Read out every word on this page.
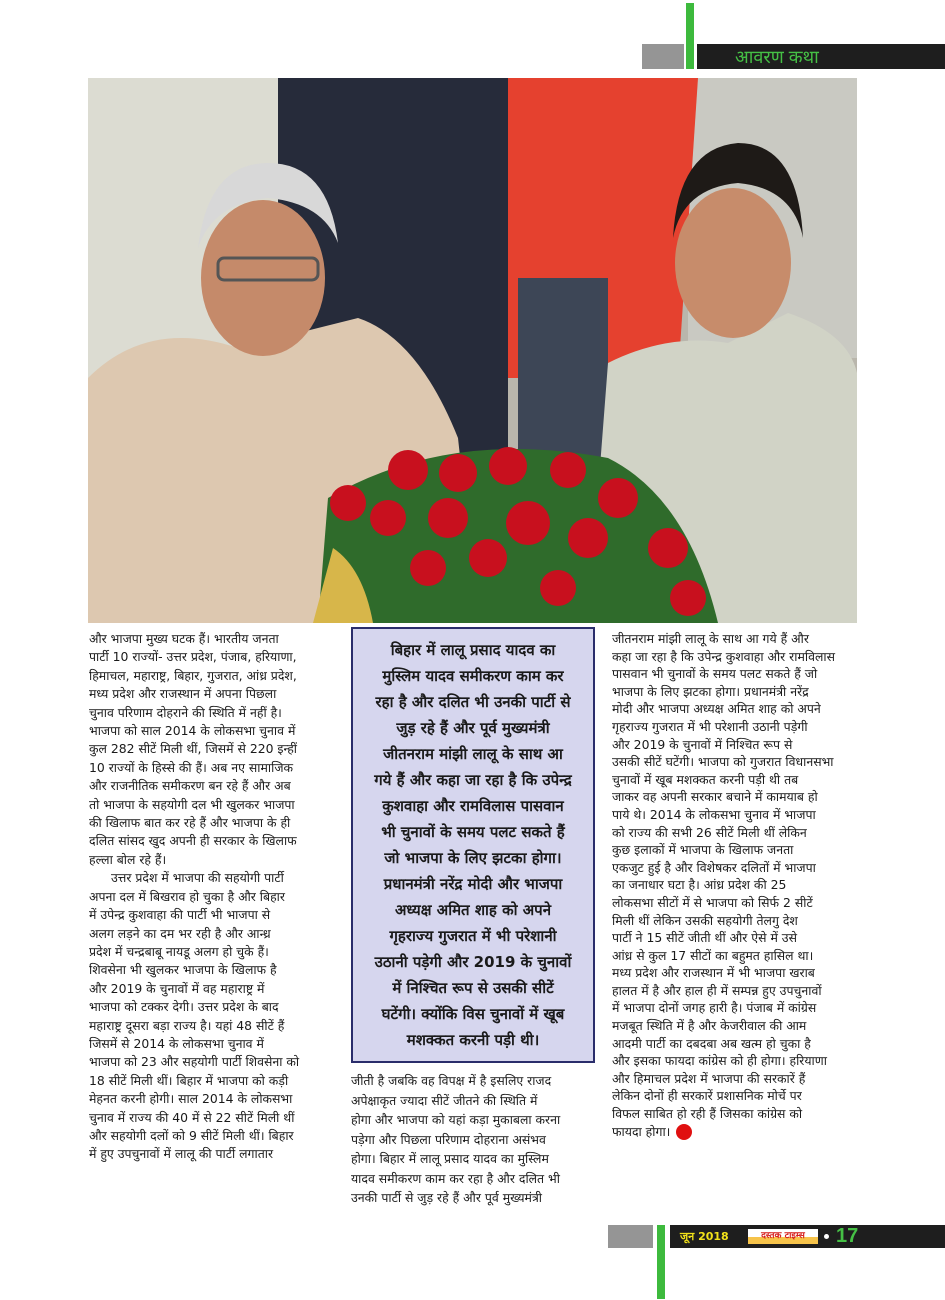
आवरण कथा
और भाजपा मुख्य घटक हैं। भारतीय जनता
पार्टी 10 राज्यों- उत्तर प्रदेश, पंजाब, हरियाणा,
हिमाचल, महाराष्ट्र, बिहार, गुजरात, आंध्र प्रदेश,
मध्य प्रदेश और राजस्थान में अपना पिछला
चुनाव परिणाम दोहराने की स्थिति में नहीं है।
भाजपा को साल 2014 के लोकसभा चुनाव में
कुल 282 सीटें मिली थीं, जिसमें से 220 इन्हीं
10 राज्यों के हिस्से की हैं। अब नए सामाजिक
और राजनीतिक समीकरण बन रहे हैं और अब
तो भाजपा के सहयोगी दल भी खुलकर भाजपा
की खिलाफ बात कर रहे हैं और भाजपा के ही
दलित सांसद खुद अपनी ही सरकार के खिलाफ
हल्ला बोल रहे हैं।
उत्तर प्रदेश में भाजपा की सहयोगी पार्टी
अपना दल में बिखराव हो चुका है और बिहार
में उपेन्द्र कुशवाहा की पार्टी भी भाजपा से
अलग लड़ने का दम भर रही है और आन्ध्र
प्रदेश में चन्द्रबाबू नायडू अलग हो चुके हैं।
शिवसेना भी खुलकर भाजपा के खिलाफ है
और 2019 के चुनावों में वह महाराष्ट्र में
भाजपा को टक्कर देगी। उत्तर प्रदेश के बाद
महाराष्ट्र दूसरा बड़ा राज्य है। यहां 48 सीटें हैं
जिसमें से 2014 के लोकसभा चुनाव में
भाजपा को 23 और सहयोगी पार्टी शिवसेना को
18 सीटें मिली थीं। बिहार में भाजपा को कड़ी
मेहनत करनी होगी। साल 2014 के लोकसभा
चुनाव में राज्य की 40 में से 22 सीटें मिली थीं
और सहयोगी दलों को 9 सीटें मिली थीं। बिहार
में हुए उपचुनावों में लालू की पार्टी लगातार
बिहार में लालू प्रसाद यादव का
मुस्लिम यादव समीकरण काम कर
रहा है और दलित भी उनकी पार्टी से
जुड़ रहे हैं और पूर्व मुख्यमंत्री
जीतनराम मांझी लालू के साथ आ
गये हैं और कहा जा रहा है कि उपेन्द्र
कुशवाहा और रामविलास पासवान
भी चुनावों के समय पलट सकते हैं
जो भाजपा के लिए झटका होगा।
प्रधानमंत्री नरेंद्र मोदी और भाजपा
अध्यक्ष अमित शाह को अपने
गृहराज्य गुजरात में भी परेशानी
उठानी पड़ेगी और 2019 के चुनावों
में निश्चित रूप से उसकी सीटें
घटेंगी। क्योंकि विस चुनावों में खूब
मशक्कत करनी पड़ी थी।
जीती है जबकि वह विपक्ष में है इसलिए राजद
अपेक्षाकृत ज्यादा सीटें जीतने की स्थिति में
होगा और भाजपा को यहां कड़ा मुकाबला करना
पड़ेगा और पिछला परिणाम दोहराना असंभव
होगा। बिहार में लालू प्रसाद यादव का मुस्लिम
यादव समीकरण काम कर रहा है और दलित भी
उनकी पार्टी से जुड़ रहे हैं और पूर्व मुख्यमंत्री
जीतनराम मांझी लालू के साथ आ गये हैं और
कहा जा रहा है कि उपेन्द्र कुशवाहा और रामविलास
पासवान भी चुनावों के समय पलट सकते हैं जो
भाजपा के लिए झटका होगा। प्रधानमंत्री नरेंद्र
मोदी और भाजपा अध्यक्ष अमित शाह को अपने
गृहराज्य गुजरात में भी परेशानी उठानी पड़ेगी
और 2019 के चुनावों में निश्चित रूप से
उसकी सीटें घटेंगी। भाजपा को गुजरात विधानसभा
चुनावों में खूब मशक्कत करनी पड़ी थी तब
जाकर वह अपनी सरकार बचाने में कामयाब हो
पाये थे। 2014 के लोकसभा चुनाव में भाजपा
को राज्य की सभी 26 सीटें मिली थीं लेकिन
कुछ इलाकों में भाजपा के खिलाफ जनता
एकजुट हुई है और विशेषकर दलितों में भाजपा
का जनाधार घटा है। आंध्र प्रदेश की 25
लोकसभा सीटों में से भाजपा को सिर्फ 2 सीटें
मिली थीं लेकिन उसकी सहयोगी तेलगु देश
पार्टी ने 15 सीटें जीती थीं और ऐसे में उसे
आंध्र से कुल 17 सीटों का बहुमत हासिल था।
मध्य प्रदेश और राजस्थान में भी भाजपा खराब
हालत में है और हाल ही में सम्पन्न हुए उपचुनावों
में भाजपा दोनों जगह हारी है। पंजाब में कांग्रेस
मजबूत स्थिति में है और केजरीवाल की आम
आदमी पार्टी का दबदबा अब खत्म हो चुका है
और इसका फायदा कांग्रेस को ही होगा। हरियाणा
और हिमाचल प्रदेश में भाजपा की सरकारें हैं
लेकिन दोनों ही सरकारें प्रशासनिक मोर्चे पर
विफल साबित हो रही हैं जिसका कांग्रेस को
फायदा होगा।
जून 2018	दस्तक टाइम्स	17
